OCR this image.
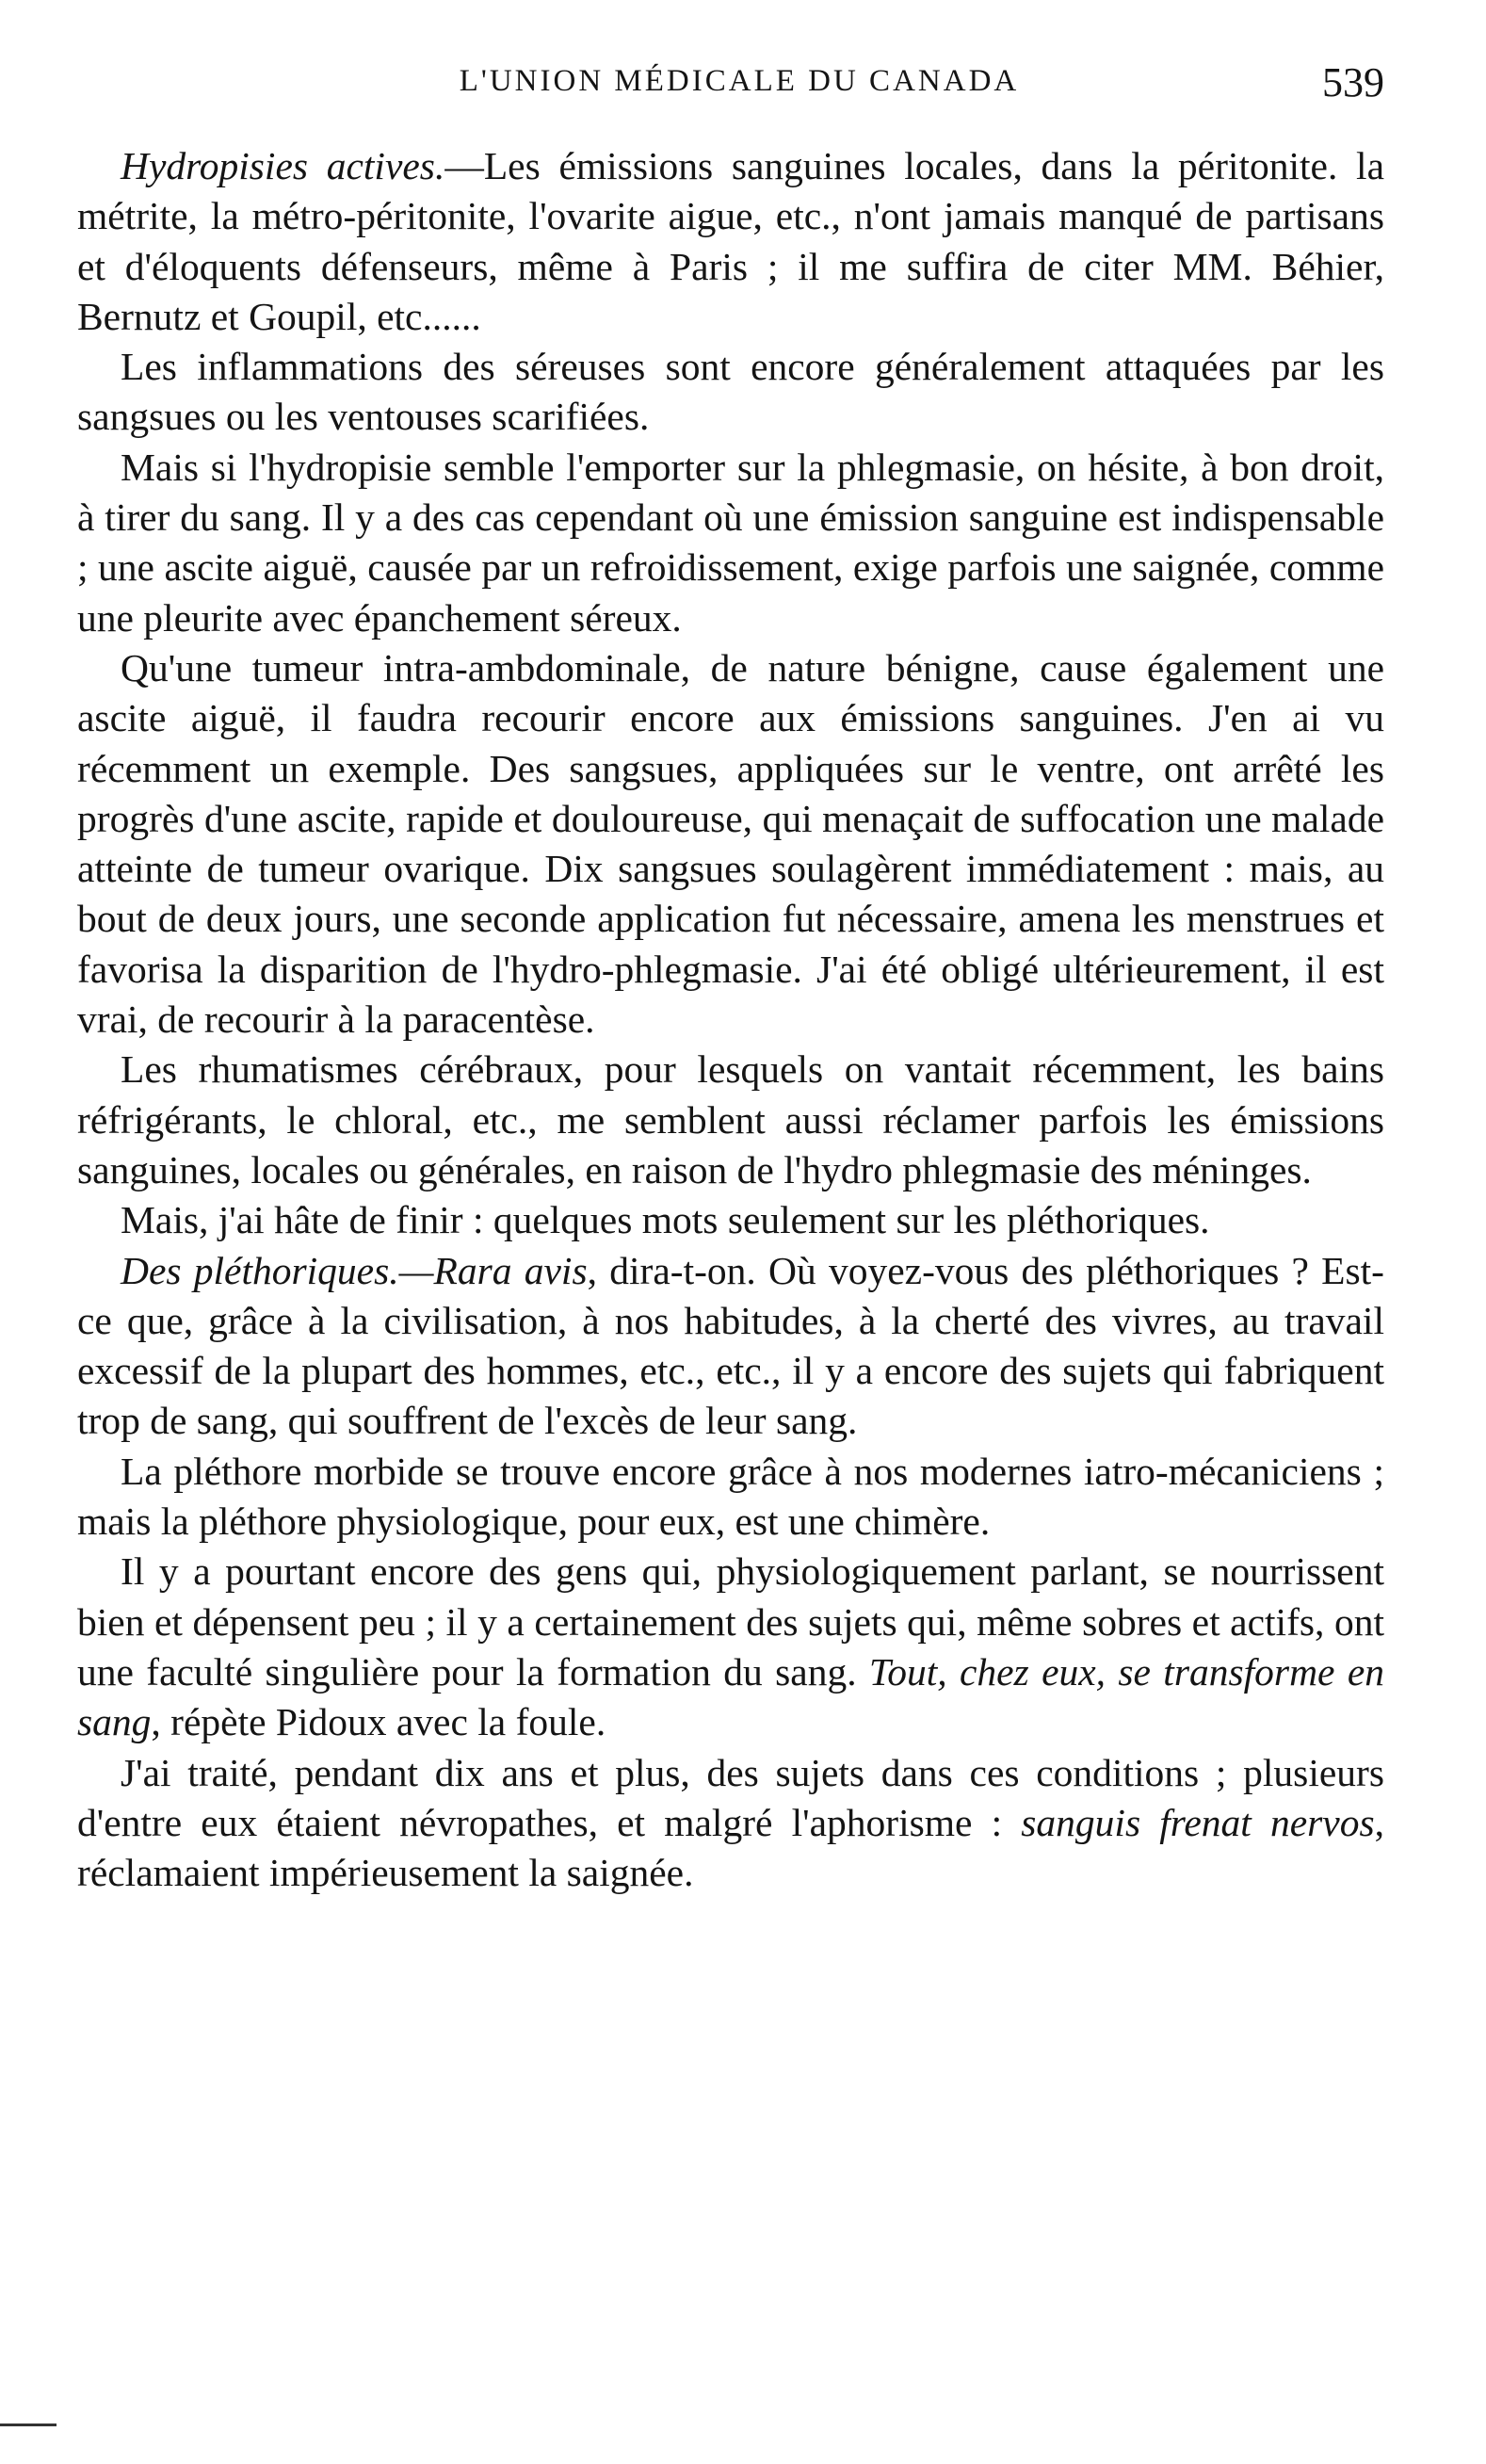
L'UNION MÉDICALE DU CANADA	539

Hydropisies actives.—Les émissions sanguines locales, dans la péritonite. la métrite, la métro-péritonite, l'ovarite aigue, etc., n'ont jamais manqué de partisans et d'éloquents défenseurs, même à Paris ; il me suffira de citer MM. Béhier, Bernutz et Goupil, etc......

Les inflammations des séreuses sont encore généralement attaquées par les sangsues ou les ventouses scarifiées.

Mais si l'hydropisie semble l'emporter sur la phlegmasie, on hésite, à bon droit, à tirer du sang. Il y a des cas cependant où une émission sanguine est indispensable ; une ascite aiguë, causée par un refroidissement, exige parfois une saignée, comme une pleurite avec épanchement séreux.

Qu'une tumeur intra-ambdominale, de nature bénigne, cause également une ascite aiguë, il faudra recourir encore aux émissions sanguines. J'en ai vu récemment un exemple. Des sangsues, appliquées sur le ventre, ont arrêté les progrès d'une ascite, rapide et douloureuse, qui menaçait de suffocation une malade atteinte de tumeur ovarique. Dix sangsues soulagèrent immédiatement : mais, au bout de deux jours, une seconde application fut nécessaire, amena les menstrues et favorisa la disparition de l'hydro-phlegmasie. J'ai été obligé ultérieurement, il est vrai, de recourir à la paracentèse.

Les rhumatismes cérébraux, pour lesquels on vantait récemment, les bains réfrigérants, le chloral, etc., me semblent aussi réclamer parfois les émissions sanguines, locales ou générales, en raison de l'hydro phlegmasie des méninges.

Mais, j'ai hâte de finir : quelques mots seulement sur les pléthoriques.

Des pléthoriques.—Rara avis, dira-t-on. Où voyez-vous des pléthoriques ? Est-ce que, grâce à la civilisation, à nos habitudes, à la cherté des vivres, au travail excessif de la plupart des hommes, etc., etc., il y a encore des sujets qui fabriquent trop de sang, qui souffrent de l'excès de leur sang.

La pléthore morbide se trouve encore grâce à nos modernes iatro-mécaniciens ; mais la pléthore physiologique, pour eux, est une chimère.

Il y a pourtant encore des gens qui, physiologiquement parlant, se nourrissent bien et dépensent peu ; il y a certainement des sujets qui, même sobres et actifs, ont une faculté singulière pour la formation du sang. Tout, chez eux, se transforme en sang, répète Pidoux avec la foule.

J'ai traité, pendant dix ans et plus, des sujets dans ces conditions ; plusieurs d'entre eux étaient névropathes, et malgré l'aphorisme : sanguis frenat nervos, réclamaient impérieusement la saignée.
